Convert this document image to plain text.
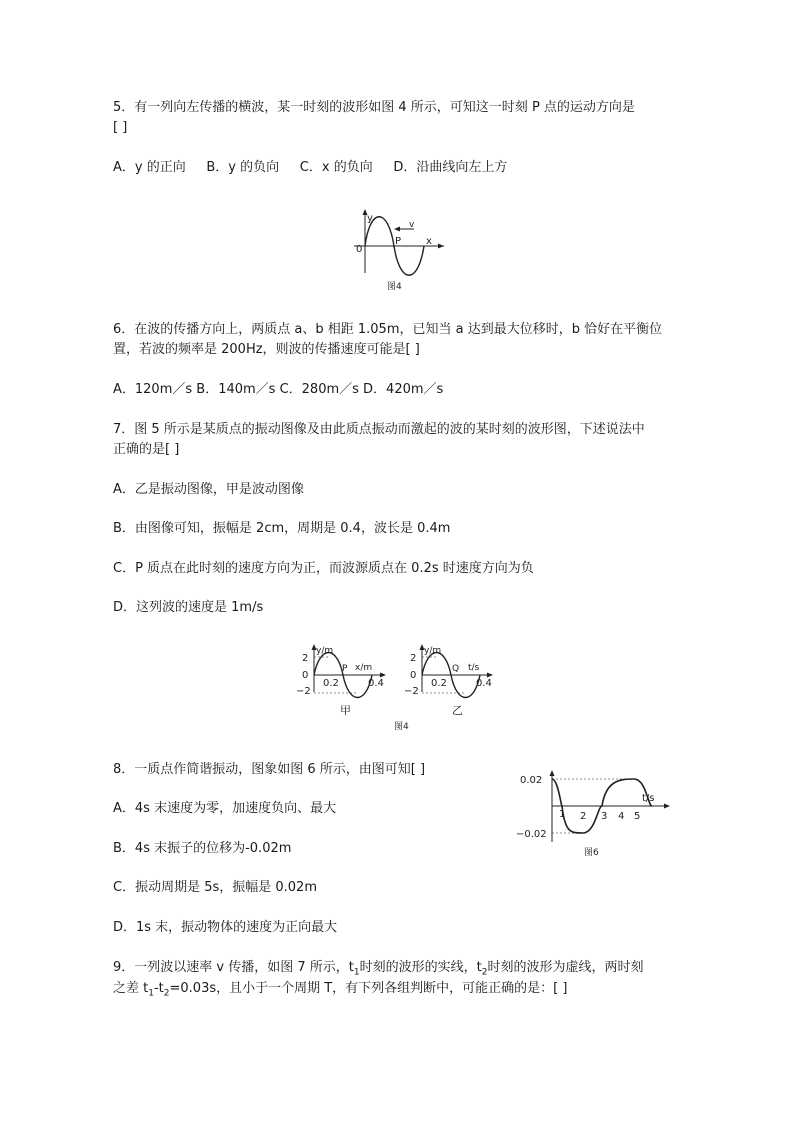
5．有一列向左传播的横波，某一时刻的波形如图 4 所示，可知这一时刻 P 点的运动方向是
[ ]
A．y 的正向     B．y 的负向     C．x 的负向     D．沿曲线向左上方
v
y
x
0
P
图4
6．在波的传播方向上，两质点 a、b 相距 1.05m，已知当 a 达到最大位移时，b 恰好在平衡位
置，若波的频率是 200Hz，则波的传播速度可能是[ ]
A．120m／s B．140m／s C．280m／s D．420m／s
7．图 5 所示是某质点的振动图像及由此质点振动而激起的波的某时刻的波形图，下述说法中
正确的是[ ]
A．乙是振动图像，甲是波动图像
B．由图像可知，振幅是 2cm，周期是 0.4，波长是 0.4m
C．P 质点在此时刻的速度方向为正，而波源质点在 0.2s 时速度方向为负
D．这列波的速度是 1m/s
y/m
x/m
2
0
−2
0.2	0.4
P
甲
y/m
t/s
2
0
−2
0.2	0.4
Q
乙
图4
8．一质点作简谐振动，图象如图 6 所示，由图可知[ ]
A．4s 末速度为零，加速度负向、最大
B．4s 末振子的位移为-0.02m
C．振动周期是 5s，振幅是 0.02m
D．1s 末，振动物体的速度为正向最大
0.02
−0.02
t/s
1 2 3 4 5
图6
9．一列波以速率 v 传播，如图 7 所示，$t_1$时刻的波形的实线，$t_2$时刻的波形为虚线，两时刻
之差 $t_1-t_2=0.03s$，且小于一个周期 T，有下列各组判断中，可能正确的是：[ ]
